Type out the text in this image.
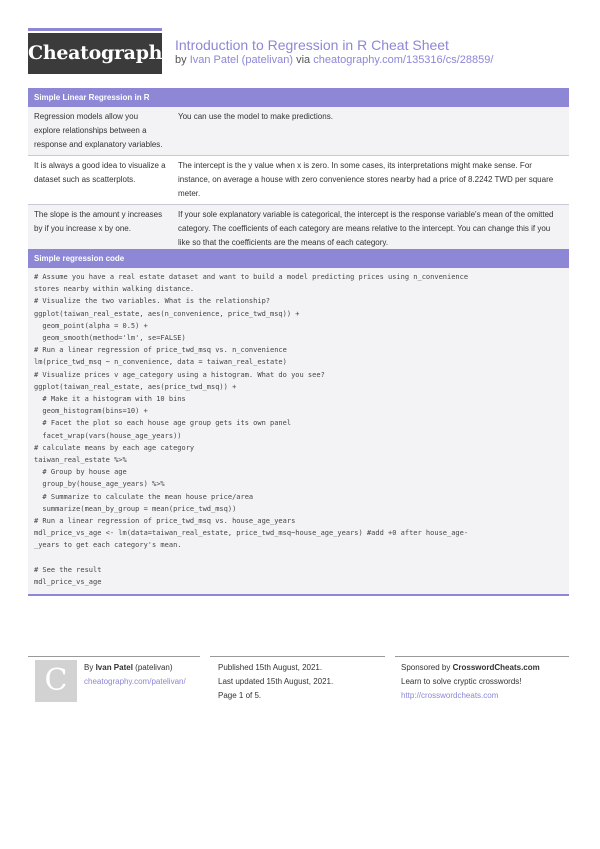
Cheatography Introduction to Regression in R Cheat Sheet
by Ivan Patel (patelivan) via cheatography.com/135316/cs/28859/
Simple Linear Regression in R
Regression models allow you explore relationships between a response and explanatory variables.	You can use the model to make predictions.
It is always a good idea to visualize a dataset such as scatterplots.	The intercept is the y value when x is zero. In some cases, its interpretations might make sense. For instance, on average a house with zero convenience stores nearby had a price of 8.2242 TWD per square meter.
The slope is the amount y increases by if you increase x by one.	If your sole explanatory variable is categorical, the intercept is the response variable's mean of the omitted category. The coefficients of each category are means relative to the intercept. You can change this if you like so that the coefficients are the means of each category.
Simple regression code
# Assume you have a real estate dataset and want to build a model predicting prices using n_convenience
stores nearby within walking distance.
# Visualize the two variables. What is the relationship?
ggplot(taiwan_real_estate, aes(n_convenience, price_twd_msq)) +
geom_point(alpha = 0.5) +
geom_smooth(method='lm', se=FALSE)
# Run a linear regression of price_twd_msq vs. n_convenience
lm(price_twd_msq ~ n_convenience, data = taiwan_real_estate)
# Visualize prices v age_category using a histogram. What do you see?
ggplot(taiwan_real_estate, aes(price_twd_msq)) +
# Make it a histogram with 10 bins
geom_histogram(bins=10) +
# Facet the plot so each house age group gets its own panel
facet_wrap(vars(house_age_years))
# calculate means by each age category
taiwan_real_estate %>%
# Group by house age
group_by(house_age_years) %>%
# Summarize to calculate the mean house price/area
summarize(mean_by_group = mean(price_twd_msq))
# Run a linear regression of price_twd_msq vs. house_age_years
mdl_price_vs_age <- lm(data=taiwan_real_estate, price_twd_msq~house_age_years) #add +0 after house_age-
_years to get each category's mean.
# See the result
mdl_price_vs_age
C	By Ivan Patel (patelivan)
cheatography.com/patelivan/
Published 15th August, 2021.
Last updated 15th August, 2021.
Page 1 of 5.
Sponsored by CrosswordCheats.com
Learn to solve cryptic crosswords!
http://crosswordcheats.com
